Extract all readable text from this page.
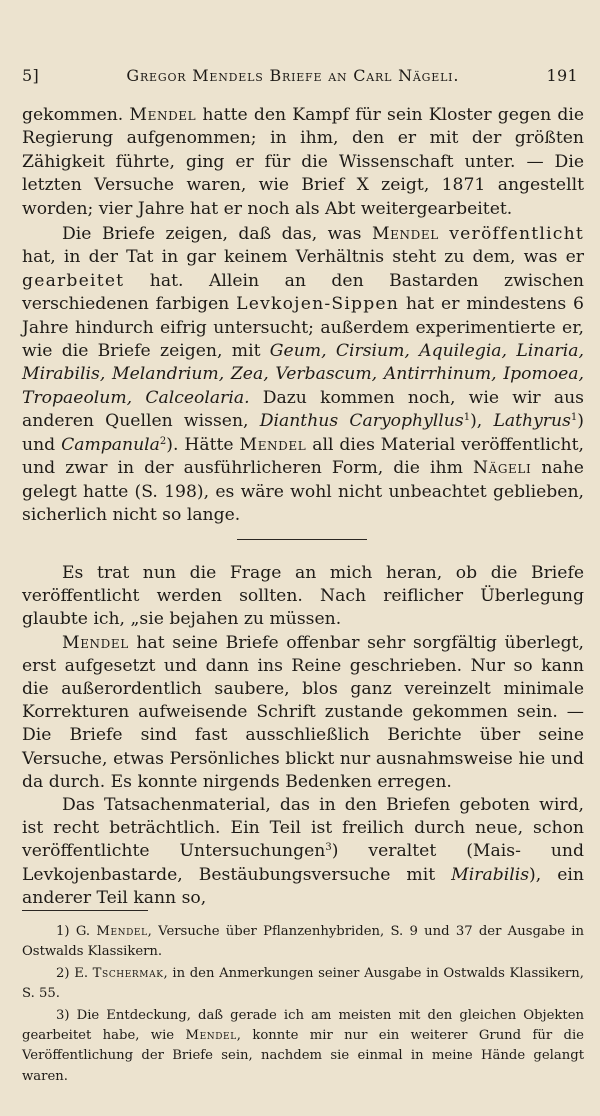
5]	Gregor Mendels Briefe an Carl Nägeli.	191

gekommen. Mendel hatte den Kampf für sein Kloster gegen die Regierung aufgenommen; in ihm, den er mit der größten Zähigkeit führte, ging er für die Wissenschaft unter. — Die letzten Versuche waren, wie Brief X zeigt, 1871 angestellt worden; vier Jahre hat er noch als Abt weitergearbeitet.

Die Briefe zeigen, daß das, was Mendel veröffentlicht hat, in der Tat in gar keinem Verhältnis steht zu dem, was er gearbeitet hat. Allein an den Bastarden zwischen verschiedenen farbigen Levkojen-Sippen hat er mindestens 6 Jahre hindurch eifrig untersucht; außerdem experimentierte er, wie die Briefe zeigen, mit Geum, Cirsium, Aquilegia, Linaria, Mirabilis, Melandrium, Zea, Verbascum, Antirrhinum, Ipomoea, Tropaeolum, Calceolaria. Dazu kommen noch, wie wir aus anderen Quellen wissen, Dianthus Caryophyllus$^1$), Lathyrus$^1$) und Campanula$^2$). Hätte Mendel all dies Material veröffentlicht, und zwar in der ausführlicheren Form, die ihm Nägeli nahe gelegt hatte (S. 198), es wäre wohl nicht unbeachtet geblieben, sicherlich nicht so lange.

Es trat nun die Frage an mich heran, ob die Briefe veröffentlicht werden sollten. Nach reiflicher Überlegung glaubte ich, „sie bejahen zu müssen.

Mendel hat seine Briefe offenbar sehr sorgfältig überlegt, erst aufgesetzt und dann ins Reine geschrieben. Nur so kann die außerordentlich saubere, blos ganz vereinzelt minimale Korrekturen aufweisende Schrift zustande gekommen sein. — Die Briefe sind fast ausschließlich Berichte über seine Versuche, etwas Persönliches blickt nur ausnahmsweise hie und da durch. Es konnte nirgends Bedenken erregen.

Das Tatsachenmaterial, das in den Briefen geboten wird, ist recht beträchtlich. Ein Teil ist freilich durch neue, schon veröffentlichte Untersuchungen$^3$) veraltet (Mais- und Levkojenbastarde, Bestäubungsversuche mit Mirabilis), ein anderer Teil kann so,

1) G. Mendel, Versuche über Pflanzenhybriden, S. 9 und 37 der Ausgabe in Ostwalds Klassikern.

2) E. Tschermak, in den Anmerkungen seiner Ausgabe in Ostwalds Klassikern, S. 55.

3) Die Entdeckung, daß gerade ich am meisten mit den gleichen Objekten gearbeitet habe, wie Mendel, konnte mir nur ein weiterer Grund für die Veröffentlichung der Briefe sein, nachdem sie einmal in meine Hände gelangt waren.
